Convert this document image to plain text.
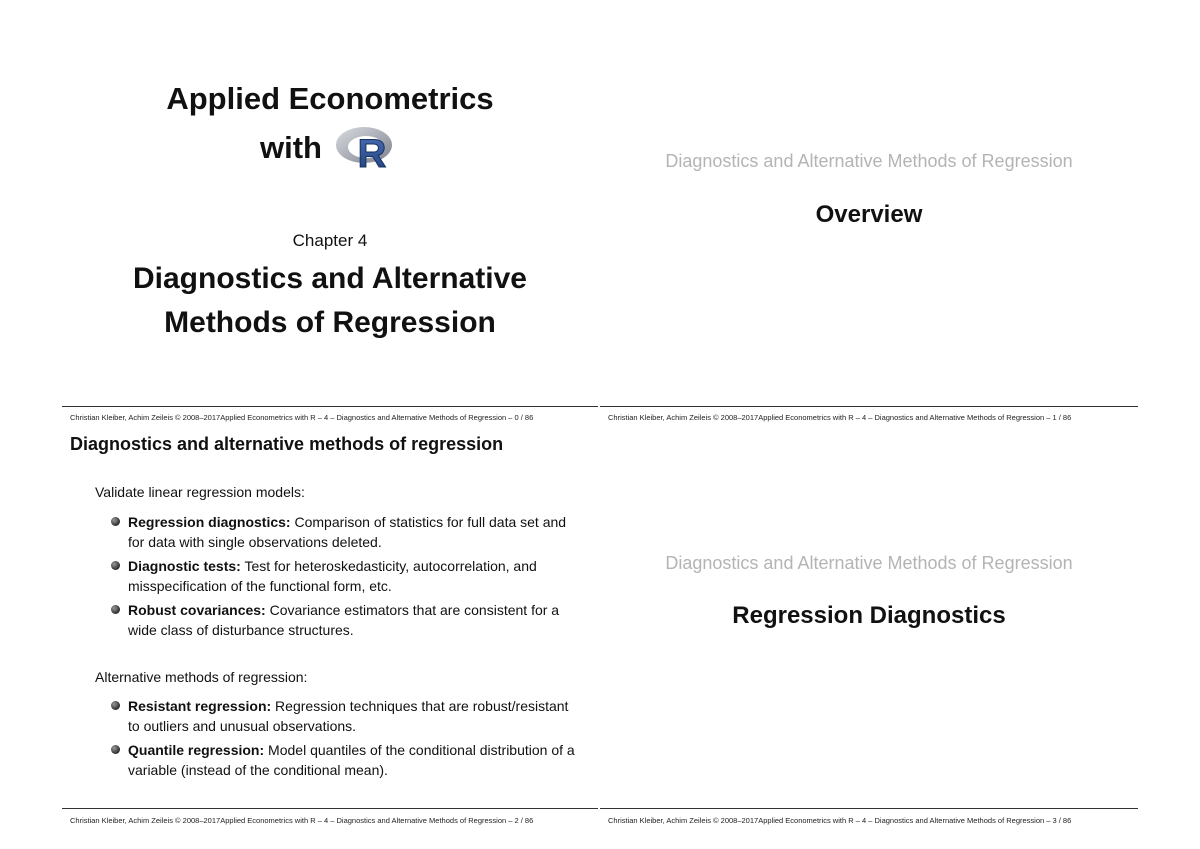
Applied Econometrics
with R
Chapter 4
Diagnostics and Alternative
Methods of Regression
Christian Kleiber, Achim Zeileis © 2008–2017Applied Econometrics with R – 4 – Diagnostics and Alternative Methods of Regression – 0 / 86
Diagnostics and Alternative Methods of Regression
Overview
Christian Kleiber, Achim Zeileis © 2008–2017Applied Econometrics with R – 4 – Diagnostics and Alternative Methods of Regression – 1 / 86
Diagnostics and alternative methods of regression
Validate linear regression models:
Regression diagnostics: Comparison of statistics for full data set and for data with single observations deleted.
Diagnostic tests: Test for heteroskedasticity, autocorrelation, and misspecification of the functional form, etc.
Robust covariances: Covariance estimators that are consistent for a wide class of disturbance structures.
Alternative methods of regression:
Resistant regression: Regression techniques that are robust/resistant to outliers and unusual observations.
Quantile regression: Model quantiles of the conditional distribution of a variable (instead of the conditional mean).
Christian Kleiber, Achim Zeileis © 2008–2017Applied Econometrics with R – 4 – Diagnostics and Alternative Methods of Regression – 2 / 86
Diagnostics and Alternative Methods of Regression
Regression Diagnostics
Christian Kleiber, Achim Zeileis © 2008–2017Applied Econometrics with R – 4 – Diagnostics and Alternative Methods of Regression – 3 / 86
